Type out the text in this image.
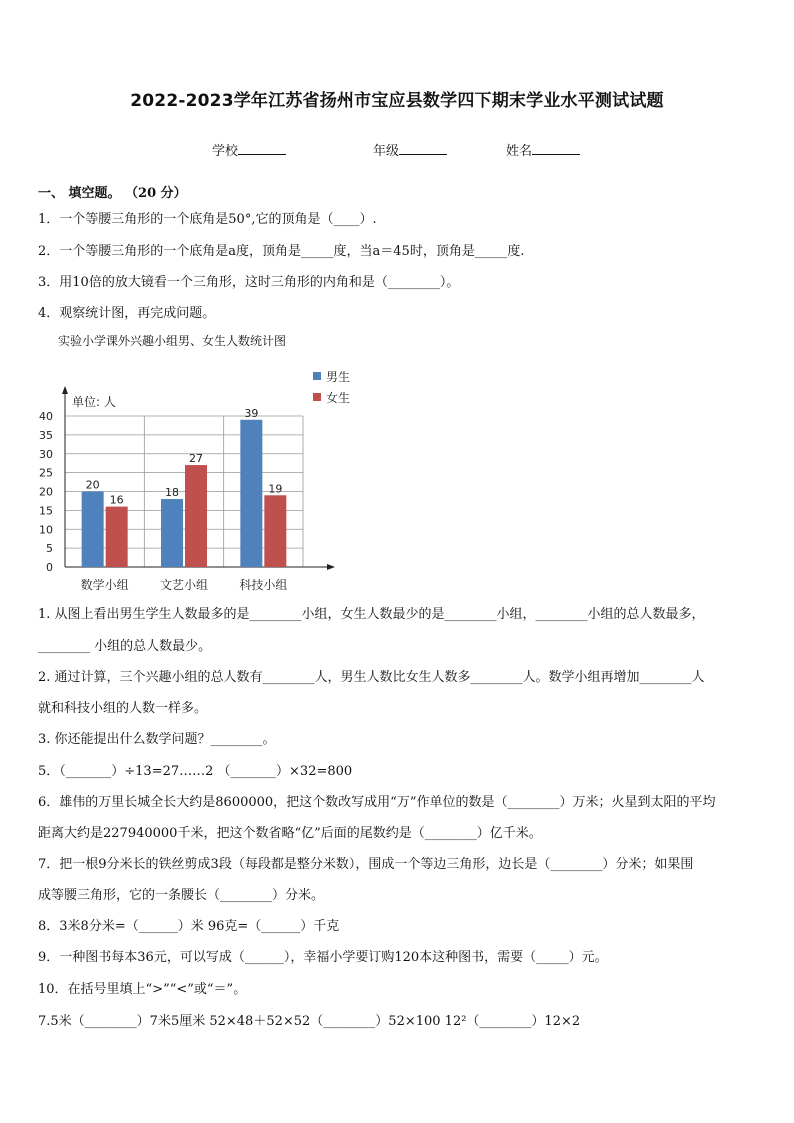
2022-2023学年江苏省扬州市宝应县数学四下期末学业水平测试试题
学校	年级	姓名
一、 填空题。 （20 分）
1．一个等腰三角形的一个底角是50°,它的顶角是（____）.
2．一个等腰三角形的一个底角是a度，顶角是_____度，当a＝45时，顶角是_____度.
3．用10倍的放大镜看一个三角形，这时三角形的内角和是（________）。
4．观察统计图，再完成问题。
实验小学课外兴趣小组男、女生人数统计图
0
5
10
15
20
25
30
35
40
单位: 人
20
16
数学小组
18
27
文艺小组
39
19
科技小组
男生
女生
1. 从图上看出男生学生人数最多的是________小组，女生人数最少的是________小组，________小组的总人数最多，
________ 小组的总人数最少。
2. 通过计算，三个兴趣小组的总人数有________人，男生人数比女生人数多________人。数学小组再增加________人
就和科技小组的人数一样多。
3. 你还能提出什么数学问题？________。
5．（_______）÷13=27……2 （_______）×32=800
6．雄伟的万里长城全长大约是8600000，把这个数改写成用“万”作单位的数是（________）万米；火星到太阳的平均
距离大约是227940000千米，把这个数省略“亿”后面的尾数约是（________）亿千米。
7．把一根9分米长的铁丝剪成3段（每段都是整分米数），围成一个等边三角形，边长是（________）分米；如果围
成等腰三角形，它的一条腰长（________）分米。
8．3米8分米=（______）米 96克=（______）千克
9．一种图书每本36元，可以写成（______），幸福小学要订购120本这种图书，需要（_____）元。
10．在括号里填上“>”“<”或“＝”。
7.5米（________）7米5厘米 52×48＋52×52（________）52×100 12²（________）12×2
